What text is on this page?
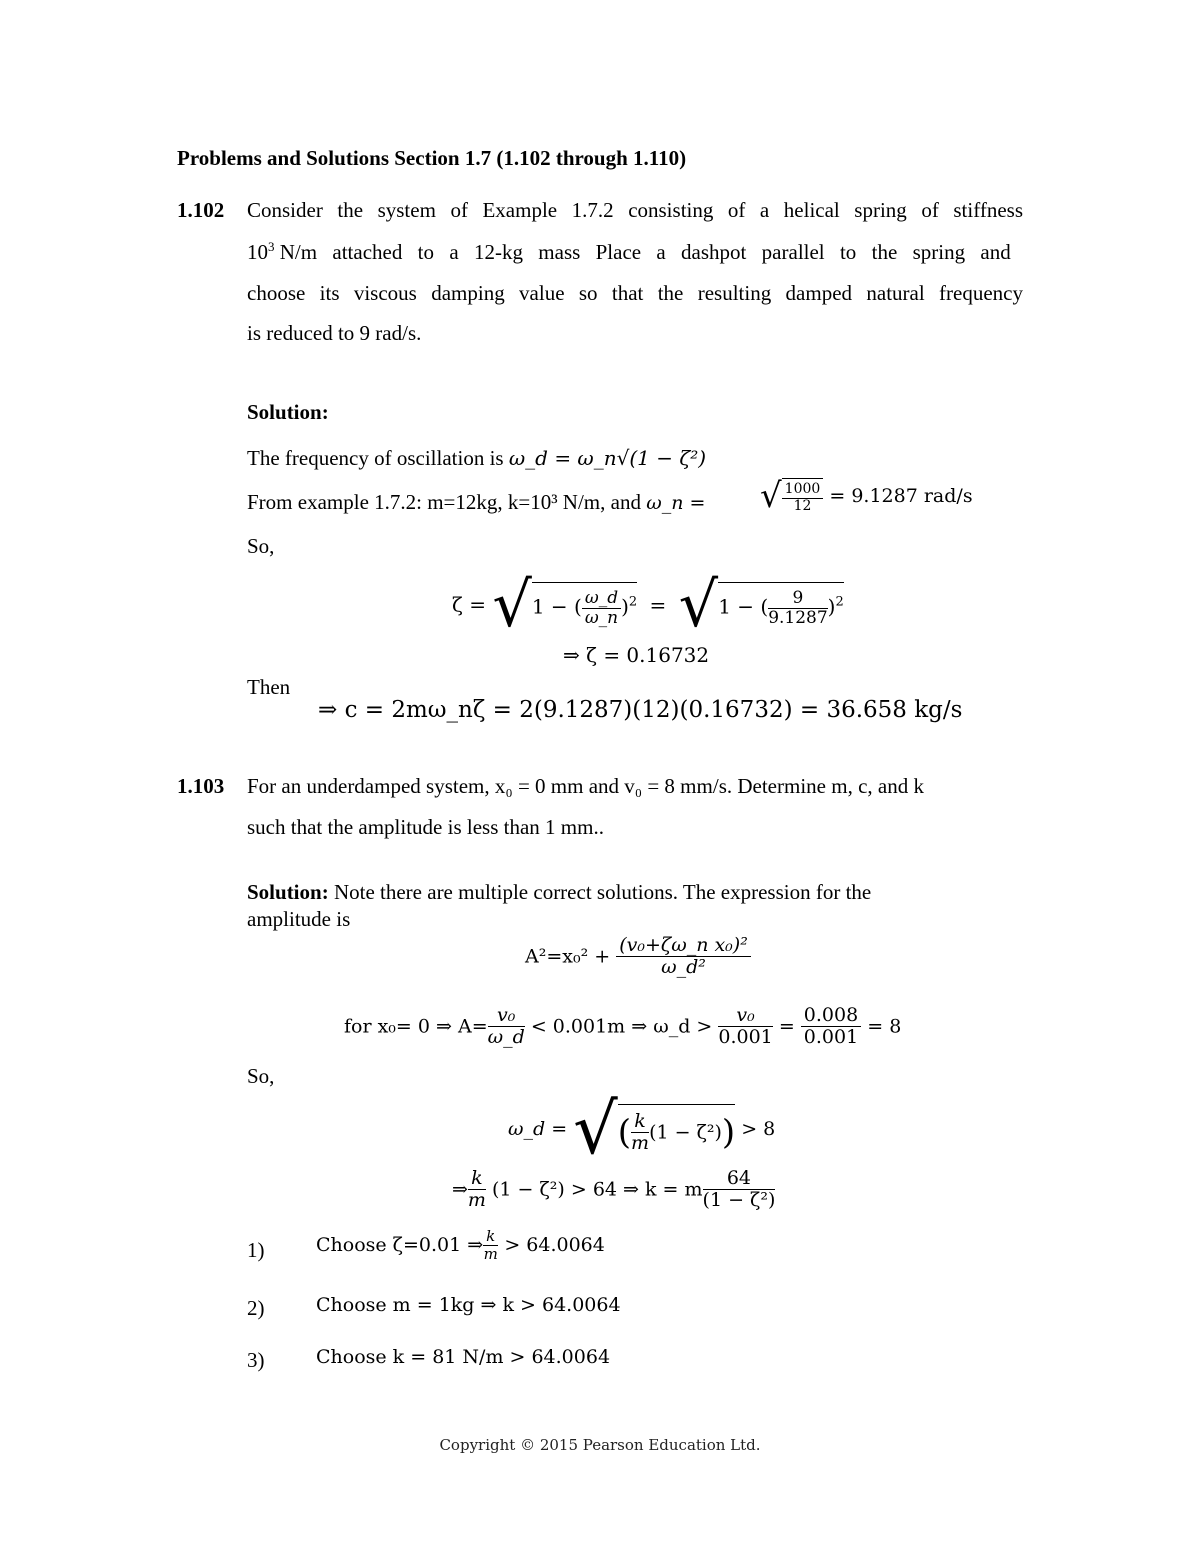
Problems and Solutions Section 1.7 (1.102 through 1.110)
1.102 Consider the system of Example 1.7.2 consisting of a helical spring of stiffness
$10^3$ N/m attached to a 12-kg mass Place a dashpot parallel to the spring and
choose its viscous damping value so that the resulting damped natural frequency
is reduced to 9 rad/s.
Solution:
The frequency of oscillation is ω_d = ω_n√(1 − ζ²)
From example 1.7.2: m=12kg, k=10³ N/m, and ω_n = √ $\frac{1000}{12} = 9.1287$ rad/s
So,
ζ = √1 − ( $\frac{\omega\_d}{\omega\_n} )^2 = √1$ − ( $\frac{9}{9.1287} )^2$
⇒ ζ = 0.16732
Then
⇒ c = 2mω_nζ = 2(9.1287)(12)(0.16732) = 36.658 kg/s
1.103 For an underdamped system, x₀ = 0 mm and v₀ = 8 mm/s. Determine m, c, and k
such that the amplitude is less than 1 mm..
Solution: Note there are multiple correct solutions. The expression for the
amplitude is
$A^2=x_0^2 + \frac{\text{(v₀+ζω\_n x₀)²}}{\text{ω\_d²}}$
for x₀= 0 ⇒ $A= \frac{\text{v₀}}{\omega\_d} < 0.001m$ ⇒ ω_d > $\frac{\text{v₀}}{0.001} = \frac{0.008}{0.001} = 8$
So,
ω_d = √( $\frac{k}{m} (1 - \zeta^2)) > 8$
⇒ $\frac{k}{m} (1 - \zeta^2) > 64$ ⇒ k = m $\frac{64}{\text{(1 − ζ²)}}$
1)	Choose ζ=0.01 ⇒ $\frac{k}{m} > 64.0064$
2)	Choose m = 1kg ⇒ k > 64.0064
3)	Choose k = 81 N/m > 64.0064
Copyright © 2015 Pearson Education Ltd.
